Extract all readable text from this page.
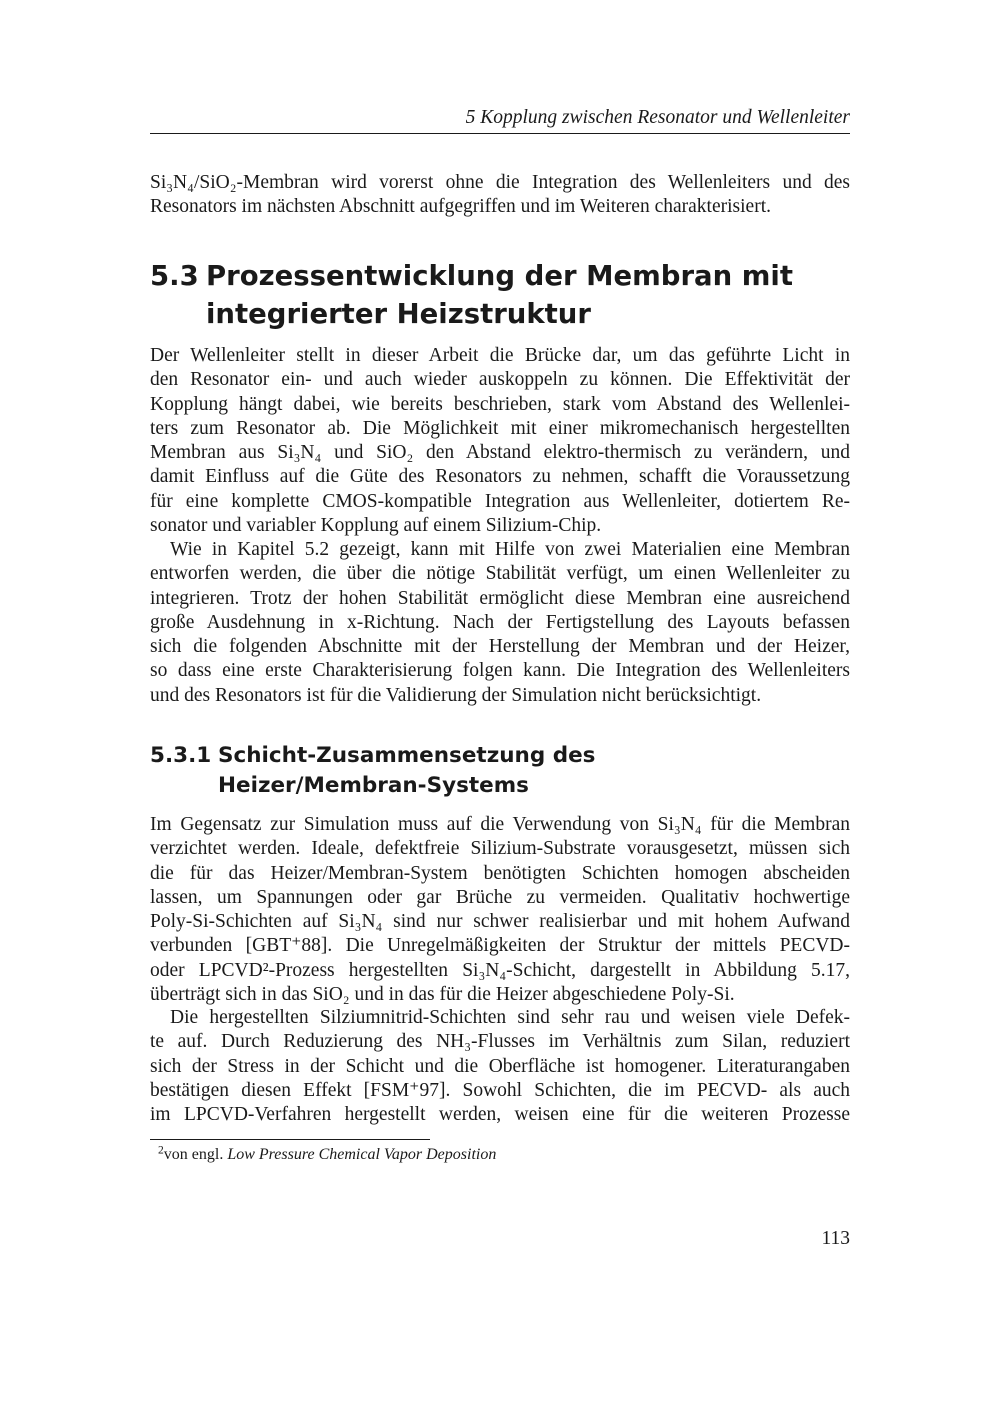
5 Kopplung zwischen Resonator und Wellenleiter
Si₃N₄/SiO₂-Membran wird vorerst ohne die Integration des Wellenleiters und des
Resonators im nächsten Abschnitt aufgegriffen und im Weiteren charakterisiert.
5.3 Prozessentwicklung der Membran mit
integrierter Heizstruktur
Der Wellenleiter stellt in dieser Arbeit die Brücke dar, um das geführte Licht in
den Resonator ein- und auch wieder auskoppeln zu können. Die Effektivität der
Kopplung hängt dabei, wie bereits beschrieben, stark vom Abstand des Wellenlei-
ters zum Resonator ab. Die Möglichkeit mit einer mikromechanisch hergestellten
Membran aus Si₃N₄ und SiO₂ den Abstand elektro-thermisch zu verändern, und
damit Einfluss auf die Güte des Resonators zu nehmen, schafft die Voraussetzung
für eine komplette CMOS-kompatible Integration aus Wellenleiter, dotiertem Re-
sonator und variabler Kopplung auf einem Silizium-Chip.
Wie in Kapitel 5.2 gezeigt, kann mit Hilfe von zwei Materialien eine Membran
entworfen werden, die über die nötige Stabilität verfügt, um einen Wellenleiter zu
integrieren. Trotz der hohen Stabilität ermöglicht diese Membran eine ausreichend
große Ausdehnung in x-Richtung. Nach der Fertigstellung des Layouts befassen
sich die folgenden Abschnitte mit der Herstellung der Membran und der Heizer,
so dass eine erste Charakterisierung folgen kann. Die Integration des Wellenleiters
und des Resonators ist für die Validierung der Simulation nicht berücksichtigt.
5.3.1 Schicht-Zusammensetzung des
Heizer/Membran-Systems
Im Gegensatz zur Simulation muss auf die Verwendung von Si₃N₄ für die Membran
verzichtet werden. Ideale, defektfreie Silizium-Substrate vorausgesetzt, müssen sich
die für das Heizer/Membran-System benötigten Schichten homogen abscheiden
lassen, um Spannungen oder gar Brüche zu vermeiden. Qualitativ hochwertige
Poly-Si-Schichten auf Si₃N₄ sind nur schwer realisierbar und mit hohem Aufwand
verbunden [GBT⁺88]. Die Unregelmäßigkeiten der Struktur der mittels PECVD-
oder LPCVD²-Prozess hergestellten Si₃N₄-Schicht, dargestellt in Abbildung 5.17,
überträgt sich in das SiO₂ und in das für die Heizer abgeschiedene Poly-Si.
Die hergestellten Silziumnitrid-Schichten sind sehr rau und weisen viele Defek-
te auf. Durch Reduzierung des NH₃-Flusses im Verhältnis zum Silan, reduziert
sich der Stress in der Schicht und die Oberfläche ist homogener. Literaturangaben
bestätigen diesen Effekt [FSM⁺97]. Sowohl Schichten, die im PECVD- als auch
im LPCVD-Verfahren hergestellt werden, weisen eine für die weiteren Prozesse
$^2$von engl. Low Pressure Chemical Vapor Deposition
113
